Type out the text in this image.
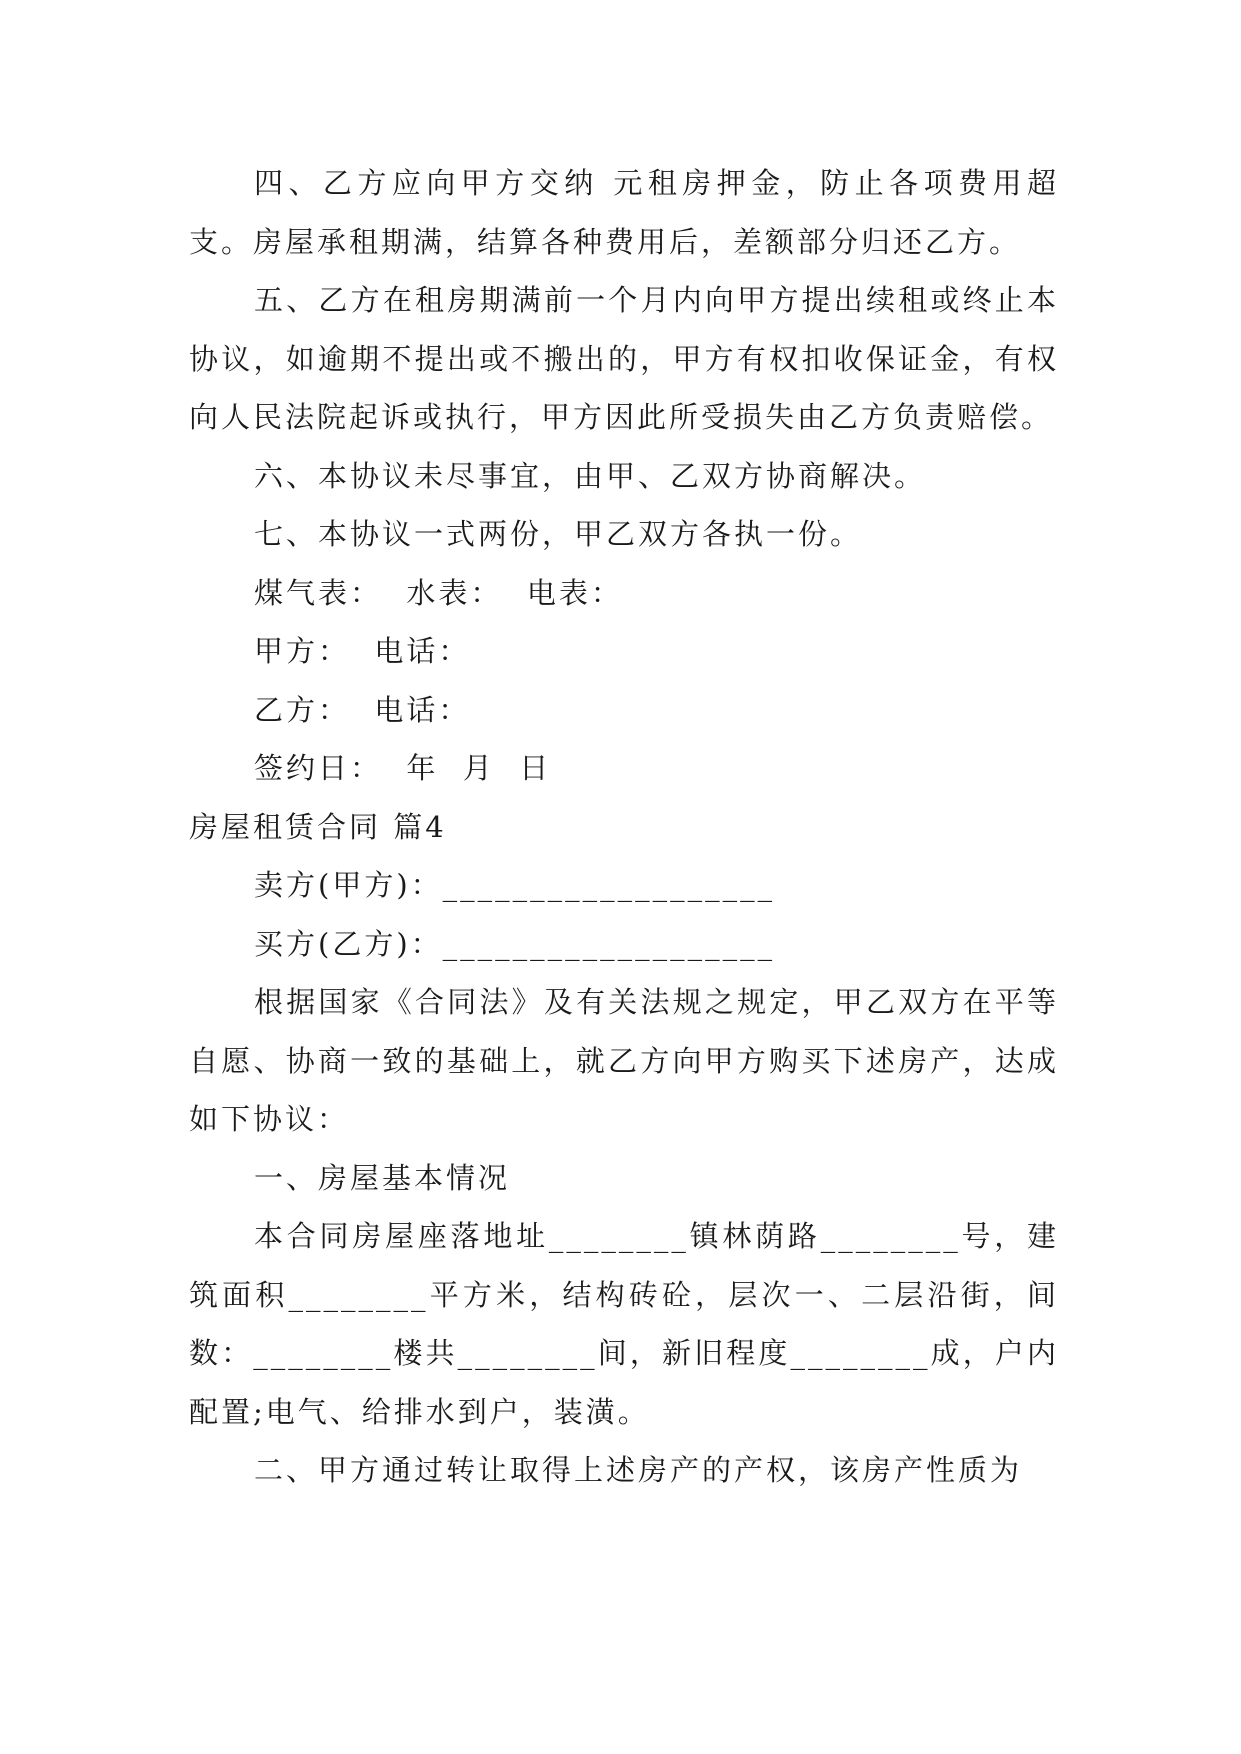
四、乙方应向甲方交纳 元租房押金，防止各项费用超支。房屋承租期满，结算各种费用后，差额部分归还乙方。

五、乙方在租房期满前一个月内向甲方提出续租或终止本协议，如逾期不提出或不搬出的，甲方有权扣收保证金，有权向人民法院起诉或执行，甲方因此所受损失由乙方负责赔偿。

六、本协议未尽事宜，由甲、乙双方协商解决。

七、本协议一式两份，甲乙双方各执一份。

煤气表：  水表：  电表：

甲方：  电话：

乙方：  电话：

签约日：  年  月  日

房屋租赁合同 篇4

卖方(甲方)：___________________

买方(乙方)：___________________

根据国家《合同法》及有关法规之规定，甲乙双方在平等自愿、协商一致的基础上，就乙方向甲方购买下述房产，达成如下协议：

一、房屋基本情况

本合同房屋座落地址________镇林荫路________号，建筑面积________平方米，结构砖砼，层次一、二层沿街，间数：________楼共________间，新旧程度________成，户内配置;电气、给排水到户，装潢。

二、甲方通过转让取得上述房产的产权，该房产性质为
